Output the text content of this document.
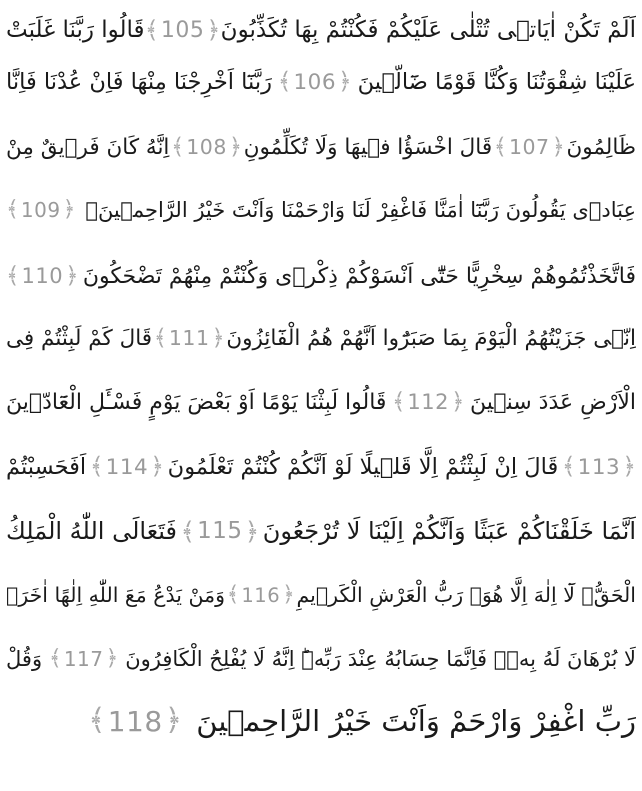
اَلَمْ تَكُنْ اٰيَاتٖى تُتْلٰى عَلَيْكُمْ فَكُنْتُمْ بِهَا تُكَذِّبُونَ
﴾ 105 ﴿
قَالُوا رَبَّنَا غَلَبَتْ
عَلَيْنَا شِقْوَتُنَا وَكُنَّا قَوْمًا ضَٓالّٖينَ
﴾ 106 ﴿
رَبَّنَٓا اَخْرِجْنَا مِنْهَا فَاِنْ عُدْنَا فَاِنَّا
ظَالِمُونَ
﴾ 107 ﴿
قَالَ اخْسَؤُا فٖيهَا وَلَا تُكَلِّمُونِ
﴾ 108 ﴿
اِنَّهُ كَانَ فَرٖيقٌ مِنْ
عِبَادٖى يَقُولُونَ رَبَّنَٓا اٰمَنَّا فَاغْفِرْ لَنَا وَارْحَمْنَا وَاَنْتَ خَيْرُ الرَّاحِمٖينَۚ
﴾ 109 ﴿
فَاتَّخَذْتُمُوهُمْ سِخْرِيًّا حَتّٰٓى اَنْسَوْكُمْ ذِكْرٖى وَكُنْتُمْ مِنْهُمْ تَضْحَكُونَ
﴾ 110 ﴿
اِنّٖى جَزَيْتُهُمُ الْيَوْمَ بِمَا صَبَرُٓوا اَنَّهُمْ هُمُ الْفَٓائِزُونَ
﴾ 111 ﴿
قَالَ كَمْ لَبِثْتُمْ فِى
الْاَرْضِ عَدَدَ سِنٖينَ
﴾ 112 ﴿
قَالُوا لَبِثْنَا يَوْمًا اَوْ بَعْضَ يَوْمٍ فَسْـَٔلِ الْعَٓادّٖينَ
﴾ 113 ﴿
قَالَ اِنْ لَبِثْتُمْ اِلَّا قَلٖيلًا لَوْ اَنَّكُمْ كُنْتُمْ تَعْلَمُونَ
﴾ 114 ﴿
اَفَحَسِبْتُمْ
اَنَّمَا خَلَقْنَاكُمْ عَبَثًا وَاَنَّكُمْ اِلَيْنَا لَا تُرْجَعُونَ
﴾ 115 ﴿
فَتَعَالَى اللّٰهُ الْمَلِكُ
الْحَقُّۚ لَٓا اِلٰهَ اِلَّا هُوَۚ رَبُّ الْعَرْشِ الْكَرٖيمِ
﴾ 116 ﴿
وَمَنْ يَدْعُ مَعَ اللّٰهِ اِلٰهًا اٰخَرَۙ
لَا بُرْهَانَ لَهُ بِهٖۙ فَاِنَّمَا حِسَابُهُ عِنْدَ رَبِّهٖؕ اِنَّهُ لَا يُفْلِحُ الْكَافِرُونَ
﴾ 117 ﴿
وَقُلْ
رَبِّ اغْفِرْ وَارْحَمْ وَاَنْتَ خَيْرُ الرَّاحِمٖينَ
﴾ 118 ﴿
